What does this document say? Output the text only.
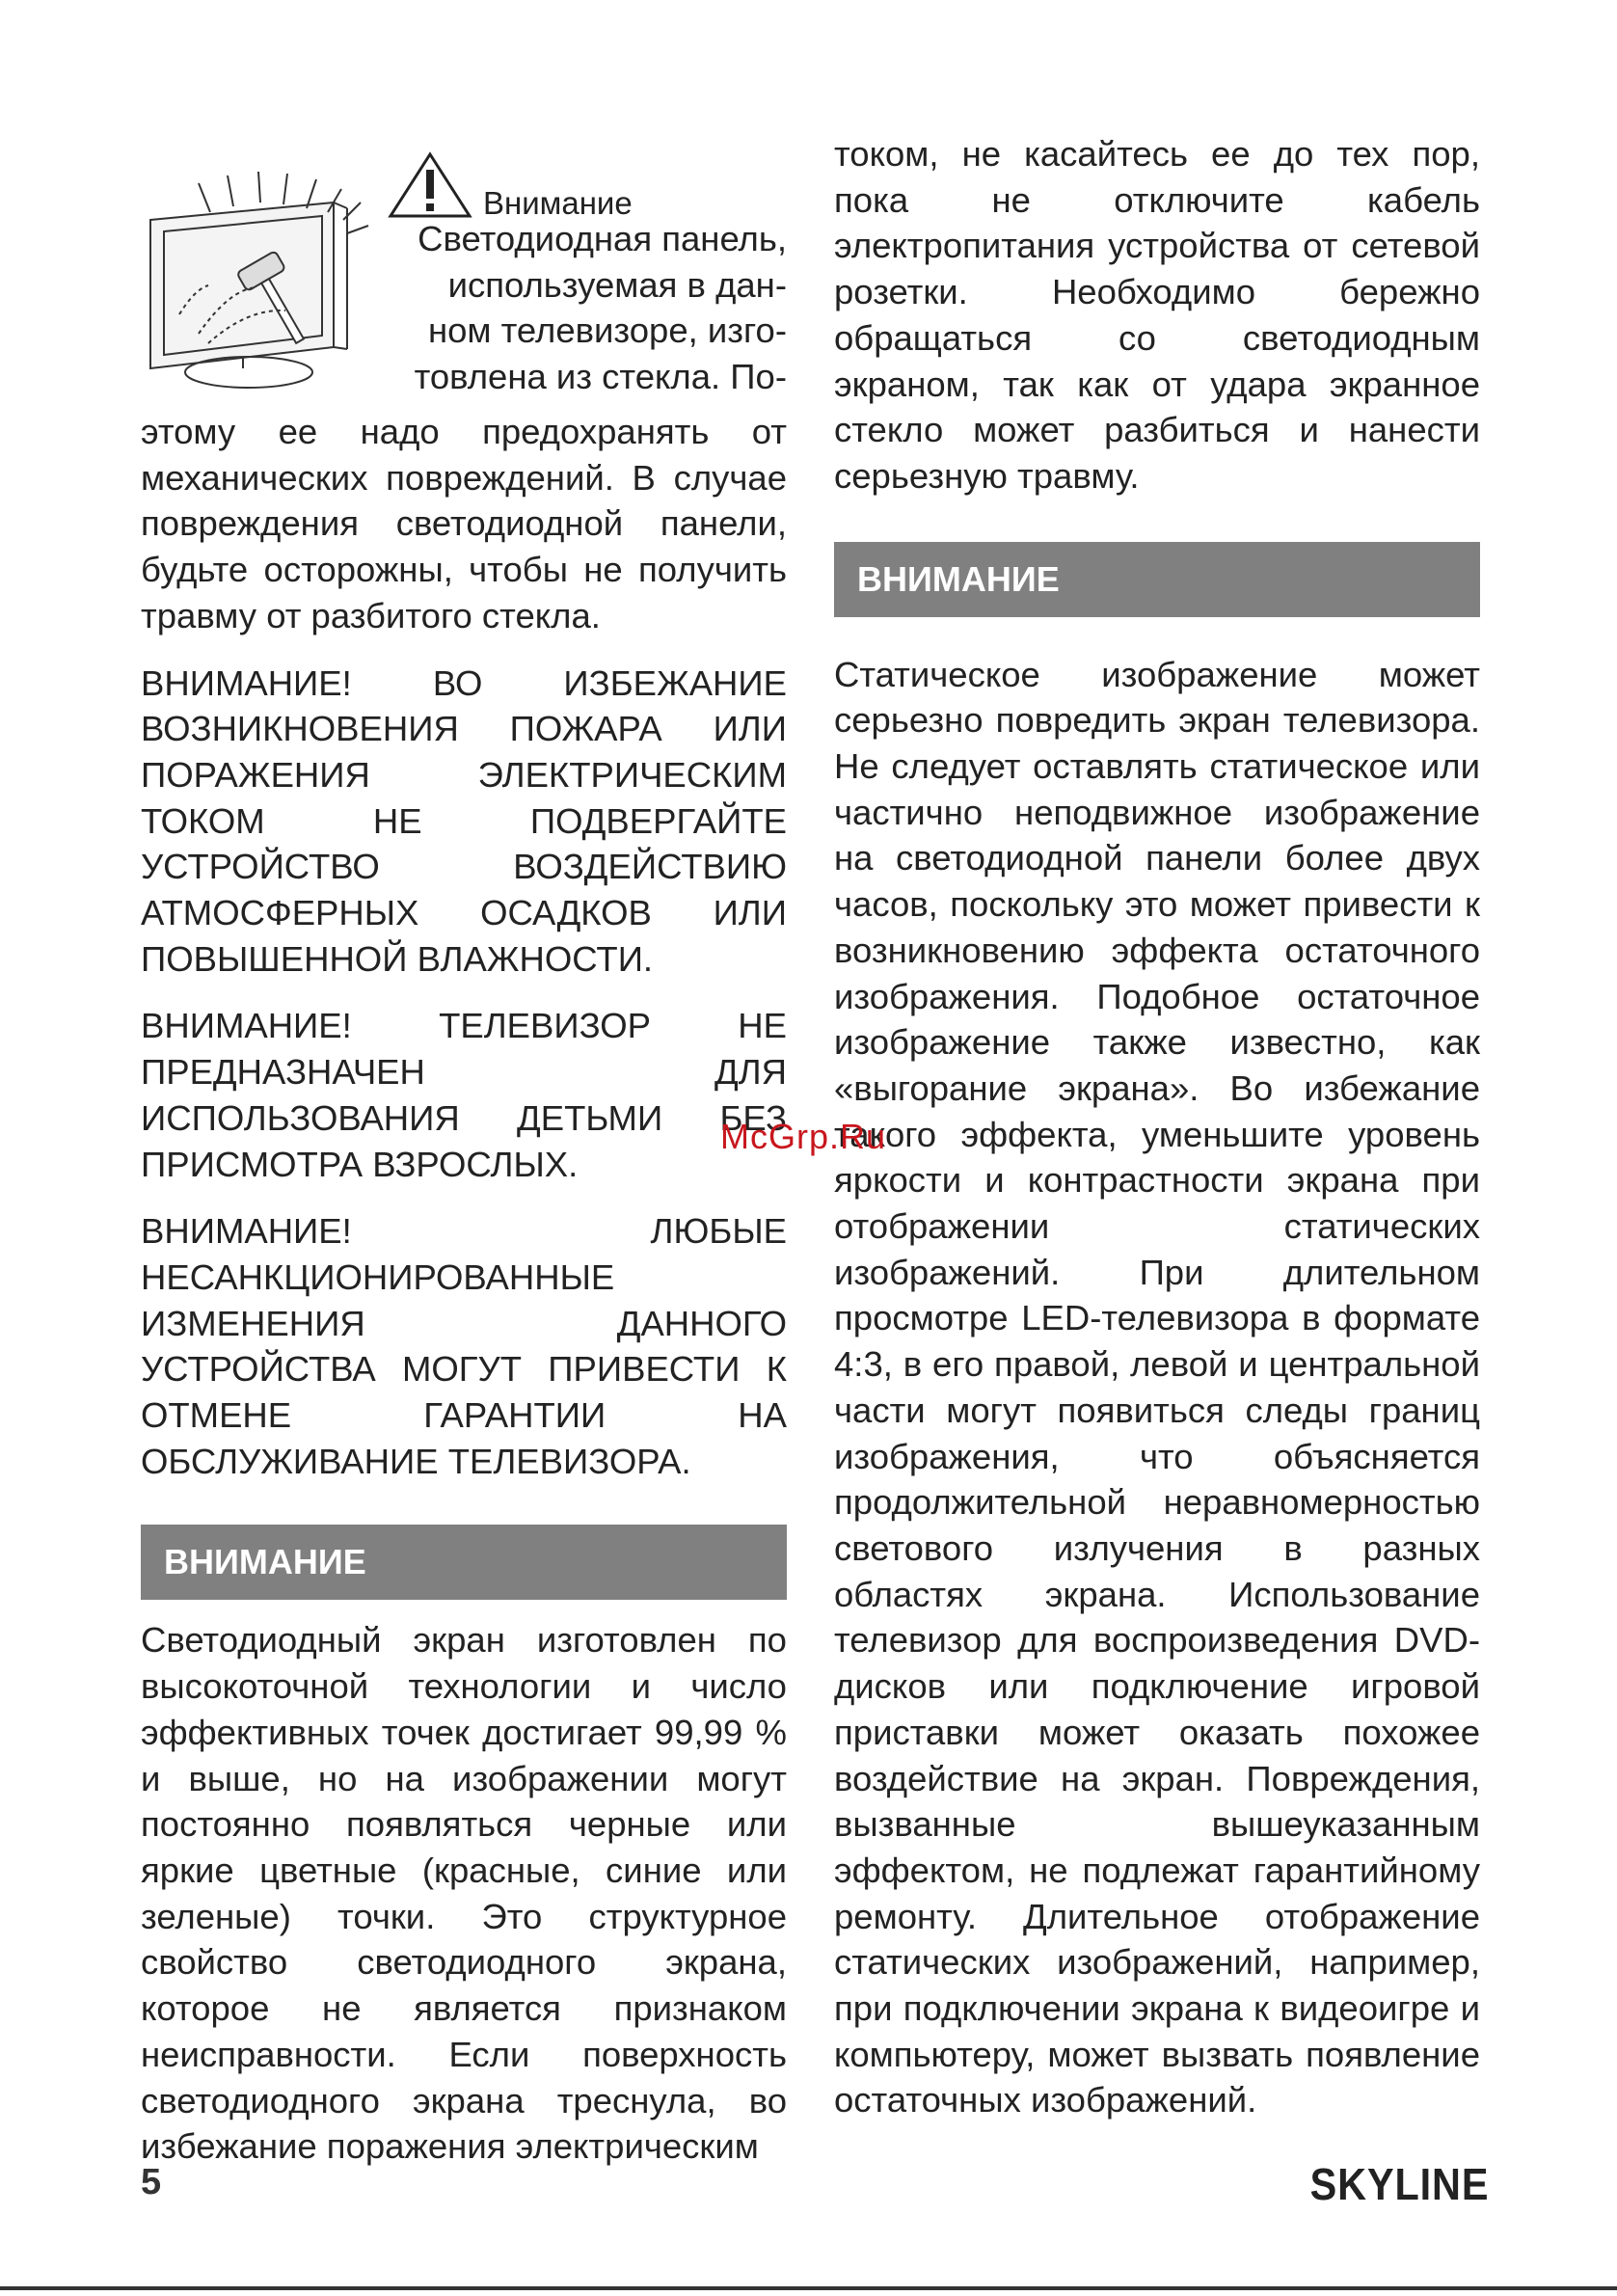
Внимание
Светодиодная панель,
используемая в дан-
ном телевизоре, изго-
товлена из стекла. По-

этому ее надо предохранять от механических повреждений. В случае повреждения светодиодной панели, будьте осторожны, чтобы не получить травму от разбитого стекла.

ВНИМАНИЕ! ВО ИЗБЕЖАНИЕ ВОЗНИКНОВЕНИЯ ПОЖАРА ИЛИ ПОРАЖЕНИЯ ЭЛЕКТРИЧЕСКИМ ТОКОМ НЕ ПОДВЕРГАЙТЕ УСТРОЙСТВО ВОЗДЕЙСТВИЮ АТМОСФЕРНЫХ ОСАДКОВ ИЛИ ПОВЫШЕННОЙ ВЛАЖНОСТИ.

ВНИМАНИЕ! ТЕЛЕВИЗОР НЕ ПРЕДНАЗНАЧЕН ДЛЯ ИСПОЛЬЗОВАНИЯ ДЕТЬМИ БЕЗ ПРИСМОТРА ВЗРОСЛЫХ.

ВНИМАНИЕ! ЛЮБЫЕ НЕСАНКЦИОНИРОВАННЫЕ ИЗМЕНЕНИЯ ДАННОГО УСТРОЙСТВА МОГУТ ПРИВЕСТИ К ОТМЕНЕ ГАРАНТИИ НА ОБСЛУЖИВАНИЕ ТЕЛЕВИЗОРА.

ВНИМАНИЕ

Светодиодный экран изготовлен по высокоточной технологии и число эффективных точек достигает 99,99 % и выше, но на изображении могут постоянно появляться черные или яркие цветные (красные, синие или зеленые) точки. Это структурное свойство светодиодного экрана, которое не является признаком неисправности. Если поверхность светодиодного экрана треснула, во избежание поражения электрическим

током, не касайтесь ее до тех пор, пока не отключите кабель электропитания устройства от сетевой розетки. Необходимо бережно обращаться со светодиодным экраном, так как от удара экранное стекло может разбиться и нанести серьезную травму.

ВНИМАНИЕ

Статическое изображение может серьезно повредить экран телевизора. Не следует оставлять статическое или частично неподвижное изображение на светодиодной панели более двух часов, поскольку это может привести к возникновению эффекта остаточного изображения. Подобное остаточное изображение также известно, как «выгорание экрана». Во избежание такого эффекта, уменьшите уровень яркости и контрастности экрана при отображении статических изображений. При длительном просмотре LED-телевизора в формате 4:3, в его правой, левой и центральной части могут появиться следы границ изображения, что объясняется продолжительной неравномерностью светового излучения в разных областях экрана. Использование телевизор для воспроизведения DVD-дисков или подключение игровой приставки может оказать похожее воздействие на экран. Повреждения, вызванные вышеуказанным эффектом, не подлежат гарантийному ремонту. Длительное отображение статических изображений, например, при подключении экрана к видеоигре и компьютеру, может вызвать появление остаточных изображений.

McGrp.Ru
5	SKYLINE
